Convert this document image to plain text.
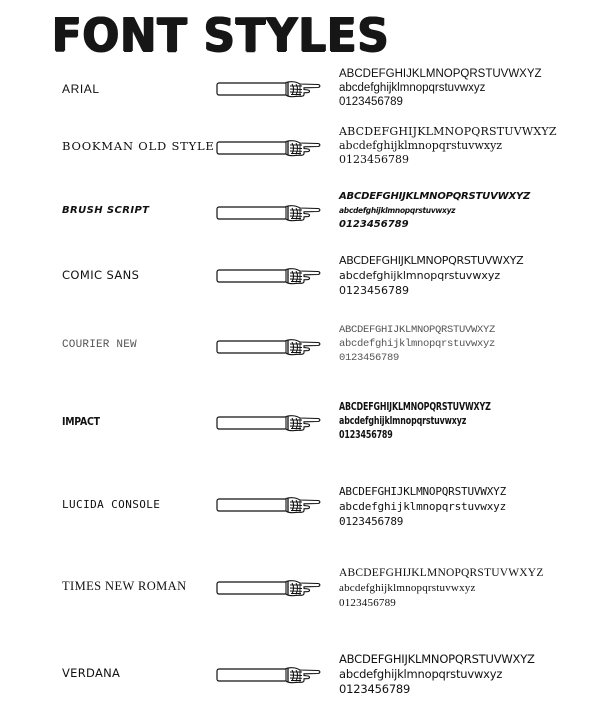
FONT STYLES
ARIAL
ABCDEFGHIJKLMNOPQRSTUVWXYZ
abcdefghijklmnopqrstuvwxyz
0123456789
BOOKMAN OLD STYLE
ABCDEFGHIJKLMNOPQRSTUVWXYZ
abcdefghijklmnopqrstuvwxyz
0123456789
BRUSH SCRIPT
ABCDEFGHIJKLMNOPQRSTUVWXYZ
abcdefghijklmnopqrstuvwxyz
0123456789
COMIC SANS
ABCDEFGHIJKLMNOPQRSTUVWXYZ
abcdefghijklmnopqrstuvwxyz
0123456789
COURIER NEW
ABCDEFGHIJKLMNOPQRSTUVWXYZ
abcdefghijklmnopqrstuvwxyz
0123456789
IMPACT
ABCDEFGHIJKLMNOPQRSTUVWXYZ
abcdefghijklmnopqrstuvwxyz
0123456789
LUCIDA CONSOLE
ABCDEFGHIJKLMNOPQRSTUVWXYZ
abcdefghijklmnopqrstuvwxyz
0123456789
TIMES NEW ROMAN
ABCDEFGHIJKLMNOPQRSTUVWXYZ
abcdefghijklmnopqrstuvwxyz
0123456789
VERDANA
ABCDEFGHIJKLMNOPQRSTUVWXYZ
abcdefghijklmnopqrstuvwxyz
0123456789
